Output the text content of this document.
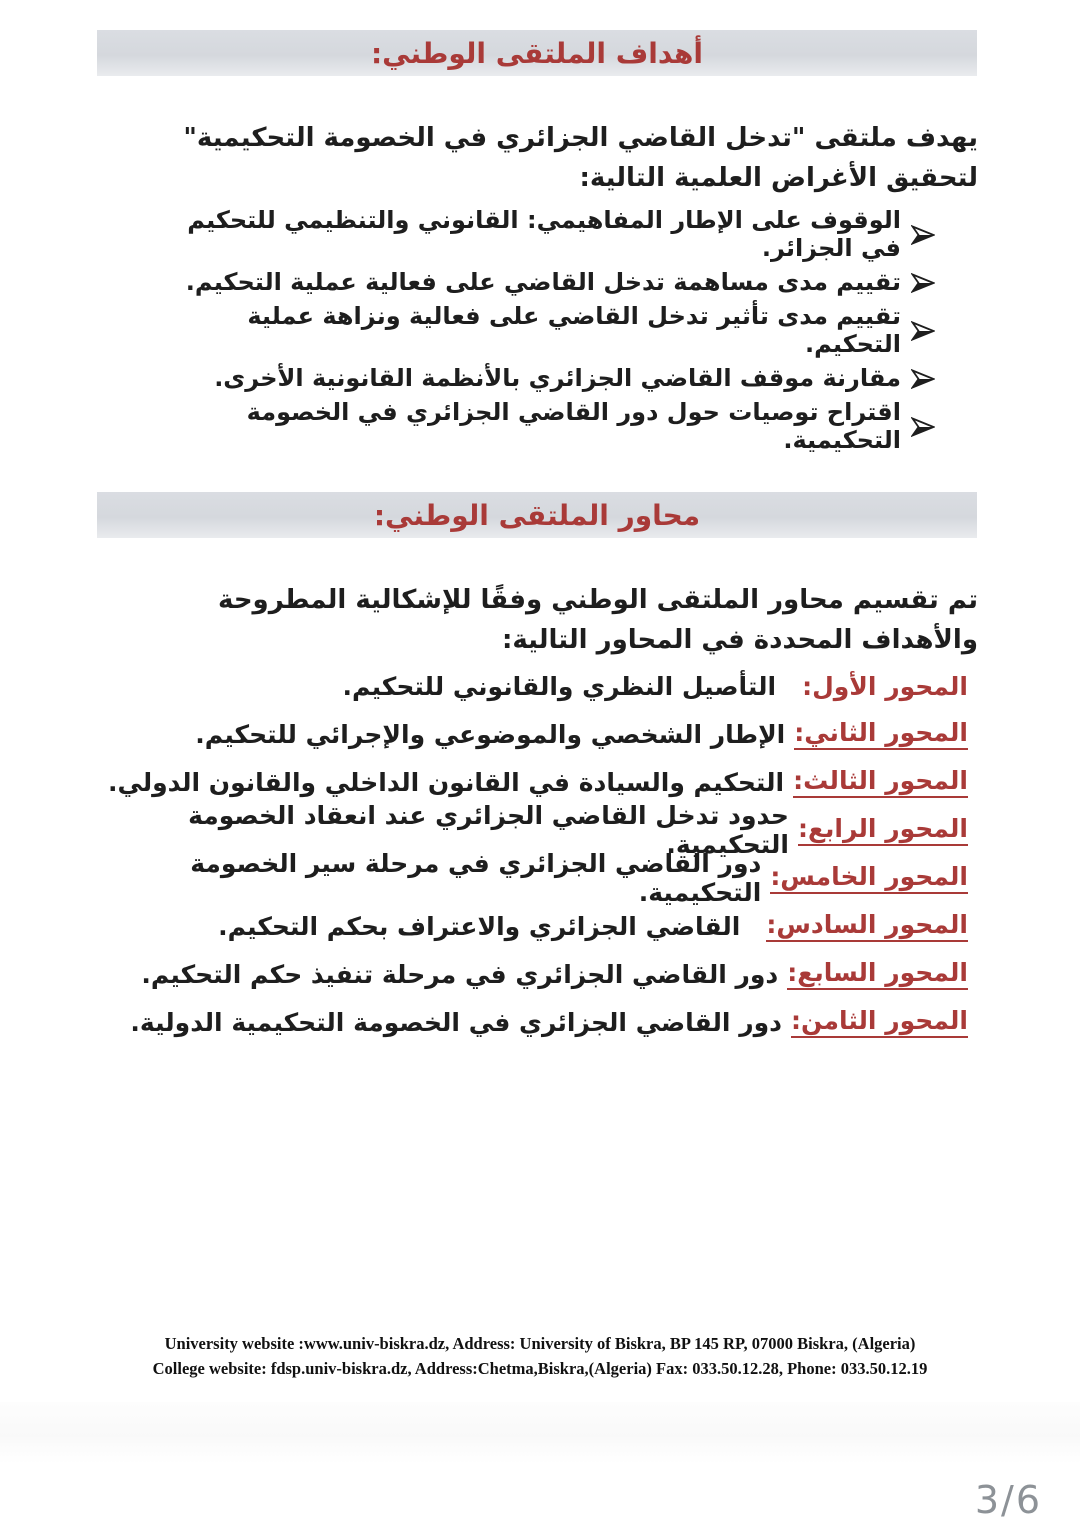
أهداف الملتقى الوطني:

يهدف ملتقى "تدخل القاضي الجزائري في الخصومة التحكيمية" لتحقيق الأغراض العلمية التالية:

الوقوف على الإطار المفاهيمي: القانوني والتنظيمي للتحكيم في الجزائر.
تقييم مدى مساهمة تدخل القاضي على فعالية عملية التحكيم.
تقييم مدى تأثير تدخل القاضي على فعالية ونزاهة عملية التحكيم.
مقارنة موقف القاضي الجزائري بالأنظمة القانونية الأخرى.
اقتراح توصيات حول دور القاضي الجزائري في الخصومة التحكيمية.
محاور الملتقى الوطني:

تم تقسيم محاور الملتقى الوطني وفقًا للإشكالية المطروحة والأهداف المحددة في المحاور التالية:

المحور الأول:
التأصيل النظري والقانوني للتحكيم.
المحور الثاني:
الإطار الشخصي والموضوعي والإجرائي للتحكيم.
المحور الثالث:
التحكيم والسيادة في القانون الداخلي والقانون الدولي.
المحور الرابع:
حدود تدخل القاضي الجزائري عند انعقاد الخصومة التحكيمية.
المحور الخامس:
دور القاضي الجزائري في مرحلة سير الخصومة التحكيمية.
المحور السادس:
القاضي الجزائري والاعتراف بحكم التحكيم.
المحور السابع:
دور القاضي الجزائري في مرحلة تنفيذ حكم التحكيم.
المحور الثامن:
دور القاضي الجزائري في الخصومة التحكيمية الدولية.
University website :www.univ-biskra.dz, Address: University of Biskra, BP 145 RP, 07000 Biskra, (Algeria)
College website: fdsp.univ-biskra.dz, Address:Chetma,Biskra,(Algeria) Fax: 033.50.12.28, Phone: 033.50.12.19
3/6
